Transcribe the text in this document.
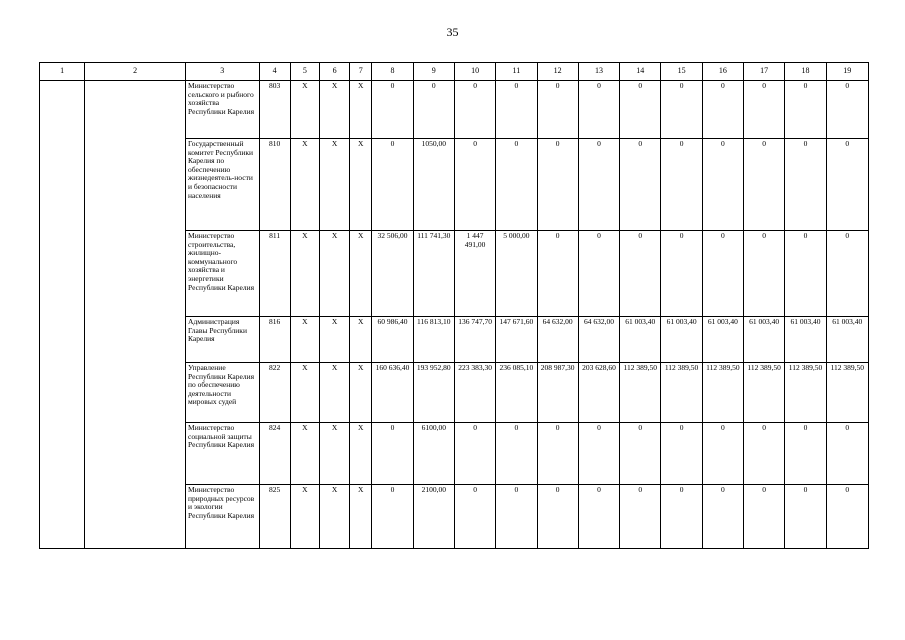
35
1	2	3	4	5	6	7	8	9	10	11	12	13	14	15	16	17	18	19
		Министерство сельского и рыбного хозяйства Республики Карелия	803	X	X	X	0	0	0	0	0	0	0	0	0	0	0	0
		Государственный комитет Республики Карелия по обеспечению жизнедеятель-ности и безопасности населения	810	X	X	X	0	1050,00	0	0	0	0	0	0	0	0	0	0
		Министерство строительства, жилищно-коммунального хозяйства и энергетики Республики Карелия	811	X	X	X	32 506,00	111 741,30	1 447 491,00	5 000,00	0	0	0	0	0	0	0	0
		Администрация Главы Республики Карелия	816	X	X	X	60 986,40	116 813,10	136 747,70	147 671,60	64 632,00	64 632,00	61 003,40	61 003,40	61 003,40	61 003,40	61 003,40	61 003,40
		Управление Республики Карелия по обеспечению деятельности мировых судей	822	X	X	X	160 636,40	193 952,80	223 383,30	236 085,10	208 987,30	203 628,60	112 389,50	112 389,50	112 389,50	112 389,50	112 389,50	112 389,50
		Министерство социальной защиты Республики Карелия	824	X	X	X	0	6100,00	0	0	0	0	0	0	0	0	0	0
		Министерство природных ресурсов и экологии Республики Карелия	825	X	X	X	0	2100,00	0	0	0	0	0	0	0	0	0	0
